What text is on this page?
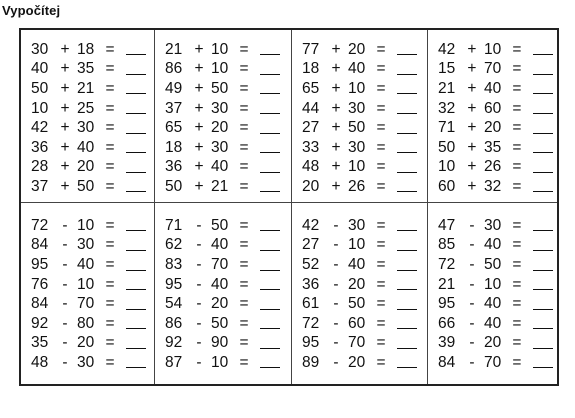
Vypočítej
30 + 18 =
40 + 35 =
50 + 21 =
10 + 25 =
42 + 30 =
36 + 40 =
28 + 20 =
37 + 50 =
21 + 10 =
86 + 10 =
49 + 50 =
37 + 30 =
65 + 20 =
18 + 30 =
36 + 40 =
50 + 21 =
77 + 20 =
18 + 40 =
65 + 10 =
44 + 30 =
27 + 50 =
33 + 30 =
48 + 10 =
20 + 26 =
42 + 10 =
15 + 70 =
21 + 40 =
32 + 60 =
71 + 20 =
50 + 35 =
10 + 26 =
60 + 32 =
72 - 10 =
84 - 30 =
95 - 40 =
76 - 10 =
84 - 70 =
92 - 80 =
35 - 20 =
48 - 30 =
71 - 50 =
62 - 40 =
83 - 70 =
95 - 40 =
54 - 20 =
86 - 50 =
92 - 90 =
87 - 10 =
42 - 30 =
27 - 10 =
52 - 40 =
36 - 20 =
61 - 50 =
72 - 60 =
95 - 70 =
89 - 20 =
47 - 30 =
85 - 40 =
72 - 50 =
21 - 10 =
95 - 40 =
66 - 40 =
39 - 20 =
84 - 70 =
